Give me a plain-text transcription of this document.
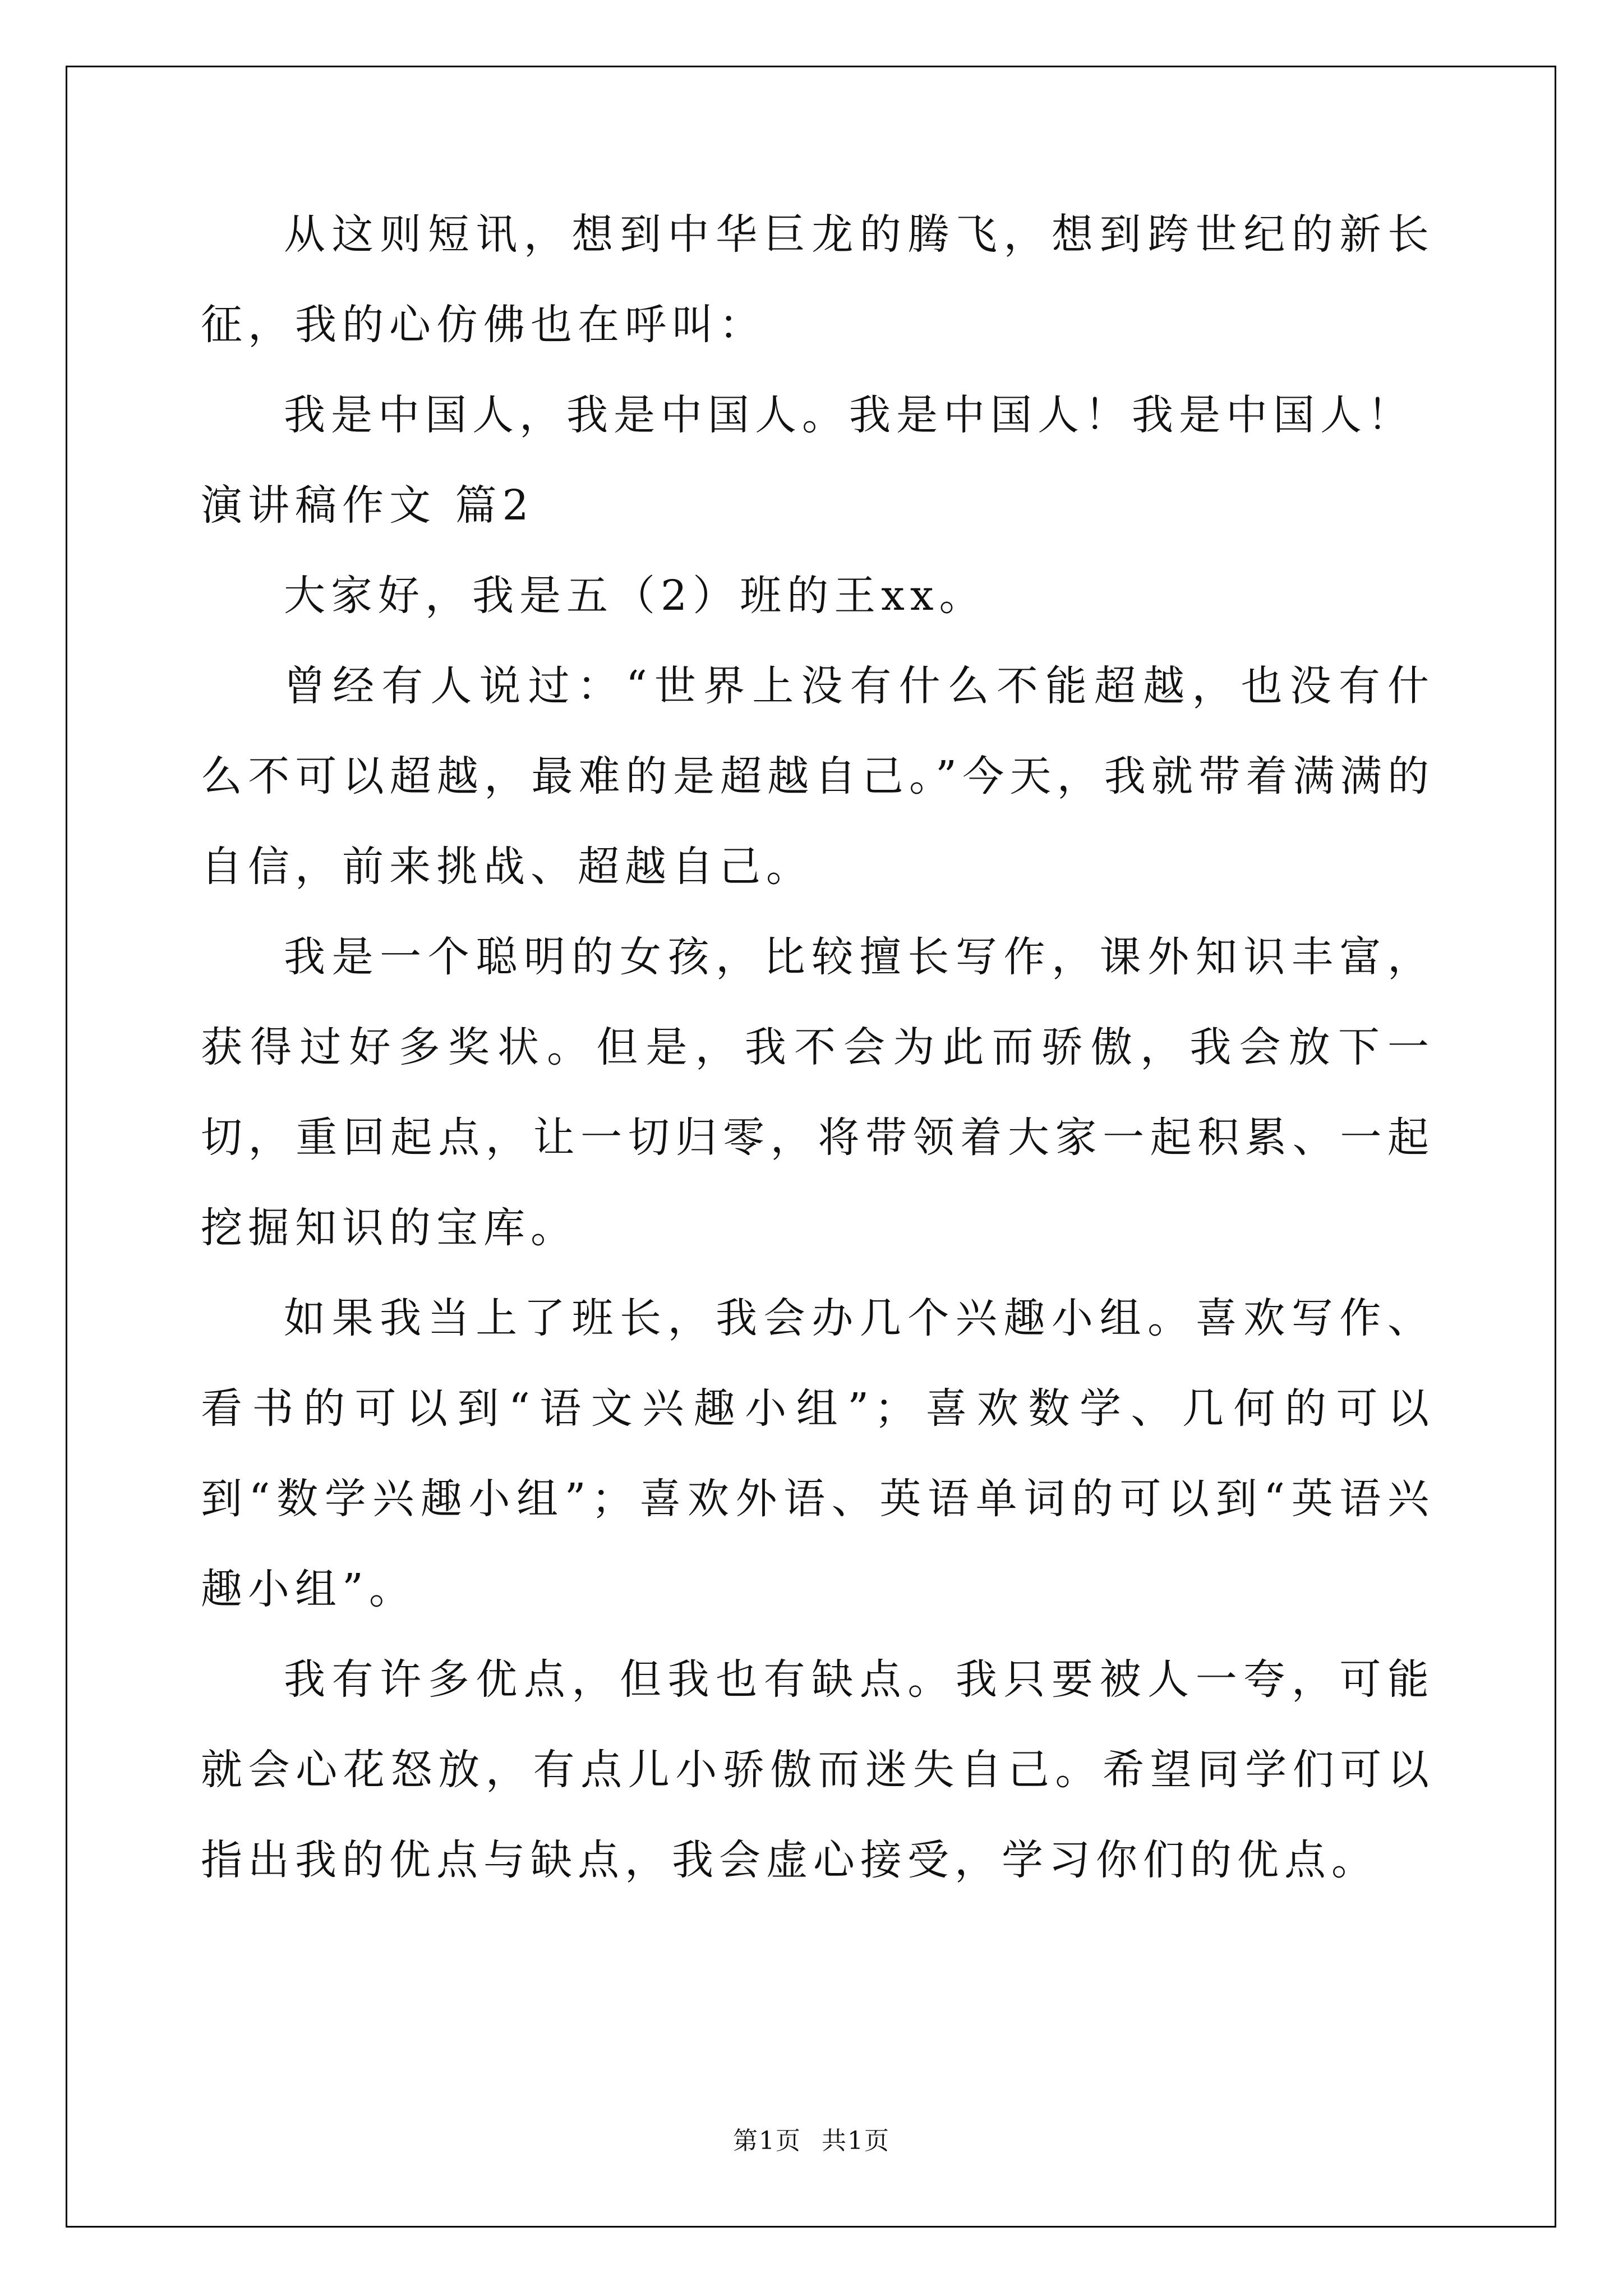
从这则短讯，想到中华巨龙的腾飞，想到跨世纪的新长征，我的心仿佛也在呼叫：

我是中国人，我是中国人。我是中国人！我是中国人！

演讲稿作文 篇2

大家好，我是五（2）班的王xx。

曾经有人说过：“世界上没有什么不能超越，也没有什么不可以超越，最难的是超越自己。”今天，我就带着满满的自信，前来挑战、超越自己。

我是一个聪明的女孩，比较擅长写作，课外知识丰富，获得过好多奖状。但是，我不会为此而骄傲，我会放下一切，重回起点，让一切归零，将带领着大家一起积累、一起挖掘知识的宝库。

如果我当上了班长，我会办几个兴趣小组。喜欢写作、看书的可以到“语文兴趣小组”；喜欢数学、几何的可以到“数学兴趣小组”；喜欢外语、英语单词的可以到“英语兴趣小组”。

我有许多优点，但我也有缺点。我只要被人一夸，可能就会心花怒放，有点儿小骄傲而迷失自己。希望同学们可以指出我的优点与缺点，我会虚心接受，学习你们的优点。

第1页 共1页
